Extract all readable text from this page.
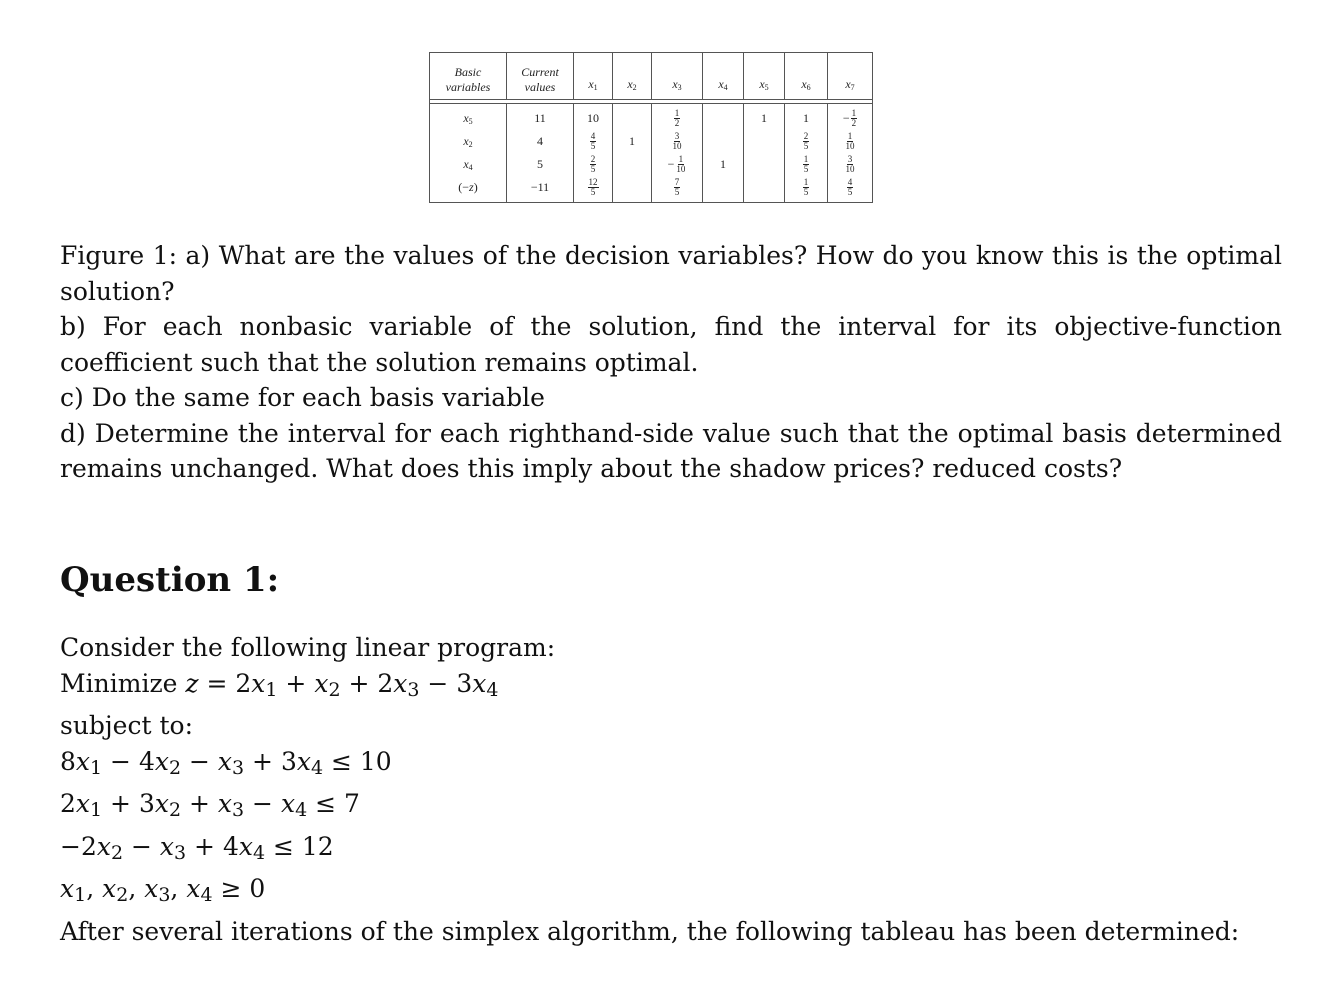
Basic
variables	Current
values	$x_1$	$x_2$	$x_3$	$x_4$	$x_5$	$x_6$	$x_7$

$x_5$	11	10		$\frac{1}{2}$		1	1	− $\frac{1}{2}$

$x_2$	4	$\frac{4}{5}$	1	$\frac{3}{10}$			$\frac{2}{5}$	$\frac{1}{10}$

$x_4$	5	$\frac{2}{5}$		− $\frac{1}{10}$	1		$\frac{1}{5}$	$\frac{3}{10}$

(−z)	−11	$\frac{12}{5}$		$\frac{7}{5}$			$\frac{1}{5}$	$\frac{4}{5}$
Figure 1: a) What are the values of the decision variables? How do you know this is the optimal solution?
b) For each nonbasic variable of the solution, find the interval for its objective-function coefficient such that the solution remains optimal.
c) Do the same for each basis variable
d) Determine the interval for each righthand-side value such that the optimal basis determined remains unchanged. What does this imply about the shadow prices? reduced costs?
Question 1:
Consider the following linear program:
Minimize z = 2x1 + x2 + 2x3 − 3x4
subject to:
8x1 − 4x2 − x3 + 3x4 ≤ 10
2x1 + 3x2 + x3 − x4 ≤ 7
−2x2 − x3 + 4x4 ≤ 12
x1, x2, x3, x4 ≥ 0
After several iterations of the simplex algorithm, the following tableau has been determined:
